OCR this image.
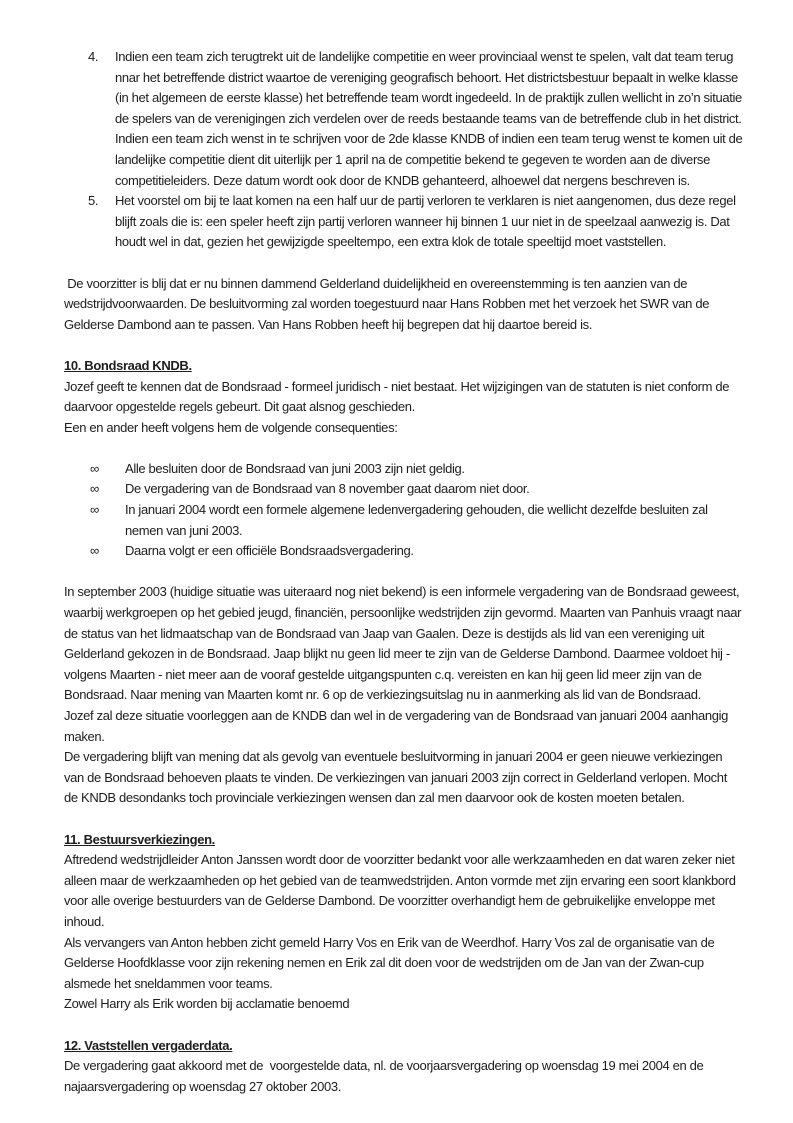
4.	Indien een team zich terugtrekt uit de landelijke competitie en weer provinciaal wenst te spelen, valt dat team terug nnar het betreffende district waartoe de vereniging geografisch behoort. Het districtsbestuur bepaalt in welke klasse (in het algemeen de eerste klasse) het betreffende team wordt ingedeeld. In de praktijk zullen wellicht in zo’n situatie de spelers van de verenigingen zich verdelen over de reeds bestaande teams van de betreffende club in het district. Indien een team zich wenst in te schrijven voor de 2de klasse KNDB of indien een team terug wenst te komen uit de landelijke competitie dient dit uiterlijk per 1 april na de competitie bekend te gegeven te worden aan de diverse competitieleiders. Deze datum wordt ook door de KNDB gehanteerd, alhoewel dat nergens beschreven is.
5.	Het voorstel om bij te laat komen na een half uur de partij verloren te verklaren is niet aangenomen, dus deze regel blijft zoals die is: een speler heeft zijn partij verloren wanneer hij binnen 1 uur niet in de speelzaal aanwezig is. Dat houdt wel in dat, gezien het gewijzigde speeltempo, een extra klok de totale speeltijd moet vaststellen.

De voorzitter is blij dat er nu binnen dammend Gelderland duidelijkheid en overeenstemming is ten aanzien van de wedstrijdvoorwaarden. De besluitvorming zal worden toegestuurd naar Hans Robben met het verzoek het SWR van de Gelderse Dambond aan te passen. Van Hans Robben heeft hij begrepen dat hij daartoe bereid is.

10. Bondsraad KNDB.

Jozef geeft te kennen dat de Bondsraad - formeel juridisch - niet bestaat. Het wijzigingen van de statuten is niet conform de daarvoor opgestelde regels gebeurt. Dit gaat alsnog geschieden.

Een en ander heeft volgens hem de volgende consequenties:

∞	Alle besluiten door de Bondsraad van juni 2003 zijn niet geldig.
∞	De vergadering van de Bondsraad van 8 november gaat daarom niet door.
∞	In januari 2004 wordt een formele algemene ledenvergadering gehouden, die wellicht dezelfde besluiten zal nemen van juni 2003.
∞	Daarna volgt er een officiële Bondsraadsvergadering.

In september 2003 (huidige situatie was uiteraard nog niet bekend) is een informele vergadering van de Bondsraad geweest, waarbij werkgroepen op het gebied jeugd, financiën, persoonlijke wedstrijden zijn gevormd. Maarten van Panhuis vraagt naar de status van het lidmaatschap van de Bondsraad van Jaap van Gaalen. Deze is destijds als lid van een vereniging uit Gelderland gekozen in de Bondsraad. Jaap blijkt nu geen lid meer te zijn van de Gelderse Dambond. Daarmee voldoet hij - volgens Maarten - niet meer aan de vooraf gestelde uitgangspunten c.q. vereisten en kan hij geen lid meer zijn van de Bondsraad. Naar mening van Maarten komt nr. 6 op de verkiezingsuitslag nu in aanmerking als lid van de Bondsraad.

Jozef zal deze situatie voorleggen aan de KNDB dan wel in de vergadering van de Bondsraad van januari 2004 aanhangig maken.

De vergadering blijft van mening dat als gevolg van eventuele besluitvorming in januari 2004 er geen nieuwe verkiezingen van de Bondsraad behoeven plaats te vinden. De verkiezingen van januari 2003 zijn correct in Gelderland verlopen. Mocht de KNDB desondanks toch provinciale verkiezingen wensen dan zal men daarvoor ook de kosten moeten betalen.

11. Bestuursverkiezingen.

Aftredend wedstrijdleider Anton Janssen wordt door de voorzitter bedankt voor alle werkzaamheden en dat waren zeker niet alleen maar de werkzaamheden op het gebied van de teamwedstrijden. Anton vormde met zijn ervaring een soort klankbord voor alle overige bestuurders van de Gelderse Dambond. De voorzitter overhandigt hem de gebruikelijke enveloppe met inhoud.

Als vervangers van Anton hebben zicht gemeld Harry Vos en Erik van de Weerdhof. Harry Vos zal de organisatie van de Gelderse Hoofdklasse voor zijn rekening nemen en Erik zal dit doen voor de wedstrijden om de Jan van der Zwan-cup alsmede het sneldammen voor teams.

Zowel Harry als Erik worden bij acclamatie benoemd

12. Vaststellen vergaderdata.

De vergadering gaat akkoord met de  voorgestelde data, nl. de voorjaarsvergadering op woensdag 19 mei 2004 en de najaarsvergadering op woensdag 27 oktober 2003.
